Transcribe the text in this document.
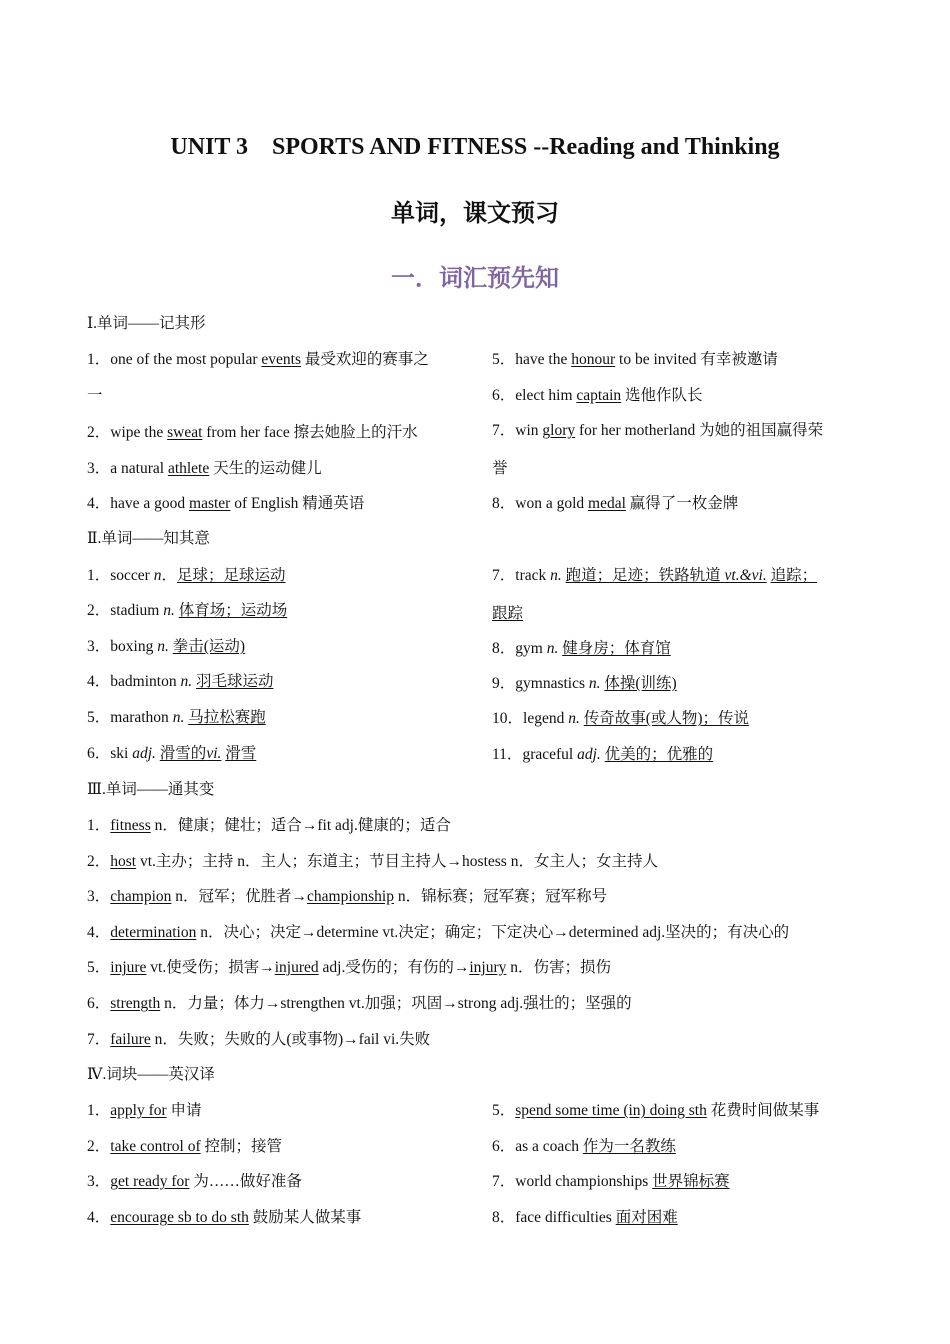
UNIT 3　SPORTS AND FITNESS --Reading and Thinking
单词，课文预习
一．词汇预先知
Ⅰ.单词——记其形
1．one of the most popular events 最受欢迎的赛事之
一
2．wipe the sweat from her face 擦去她脸上的汗水
3．a natural athlete 天生的运动健儿
4．have a good master of English 精通英语
5．have the honour to be invited 有幸被邀请
6．elect him captain 选他作队长
7．win glory for her motherland 为她的祖国赢得荣
誉
8．won a gold medal 赢得了一枚金牌
Ⅱ.单词——知其意
1．soccer n．足球；足球运动
2．stadium n. 体育场；运动场
3．boxing n. 拳击(运动)
4．badminton n. 羽毛球运动
5．marathon n. 马拉松赛跑
6．ski adj. 滑雪的vi. 滑雪
7．track n. 跑道；足迹；铁路轨道 vt.&vi. 追踪；
跟踪
8．gym n. 健身房；体育馆
9．gymnastics n. 体操(训练)
10．legend n. 传奇故事(或人物)；传说
11．graceful adj. 优美的；优雅的
Ⅲ.单词——通其变
1．fitness n．健康；健壮；适合→fit adj.健康的；适合
2．host vt.主办；主持 n．主人；东道主；节目主持人→hostess n．女主人；女主持人
3．champion n．冠军；优胜者→championship n．锦标赛；冠军赛；冠军称号
4．determination n．决心；决定→determine vt.决定；确定；下定决心→determined adj.坚决的；有决心的
5．injure vt.使受伤；损害→injured adj.受伤的；有伤的→injury n．伤害；损伤
6．strength n．力量；体力→strengthen vt.加强；巩固→strong adj.强壮的；坚强的
7．failure n．失败；失败的人(或事物)→fail vi.失败
Ⅳ.词块——英汉译
1．apply for 申请
2．take control of 控制；接管
3．get ready for 为……做好准备
4．encourage sb to do sth 鼓励某人做某事
5．spend some time (in) doing sth 花费时间做某事
6．as a coach 作为一名教练
7．world championships 世界锦标赛
8．face difficulties 面对困难
